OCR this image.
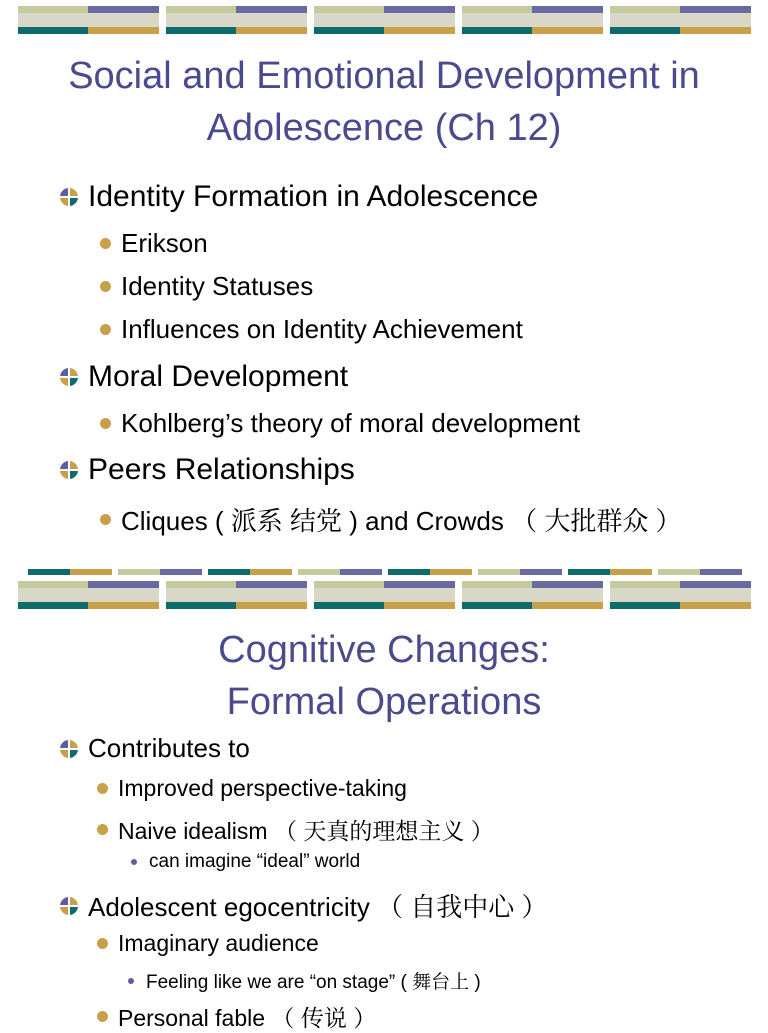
Social and Emotional Development in
Adolescence (Ch 12)
Identity Formation in Adolescence
Erikson
Identity Statuses
Influences on Identity Achievement
Moral Development
Kohlberg’s theory of moral development
Peers Relationships
Cliques ( 派系 结党 ) and Crowds （ 大批群众 ）
Cognitive Changes:
Formal Operations
Contributes to
Improved perspective-taking
Naive idealism （ 天真的理想主义 ）
can imagine “ideal” world
Adolescent egocentricity （ 自我中心 ）
Imaginary audience
Feeling like we are “on stage” ( 舞台上 )
Personal fable （ 传说 ）
